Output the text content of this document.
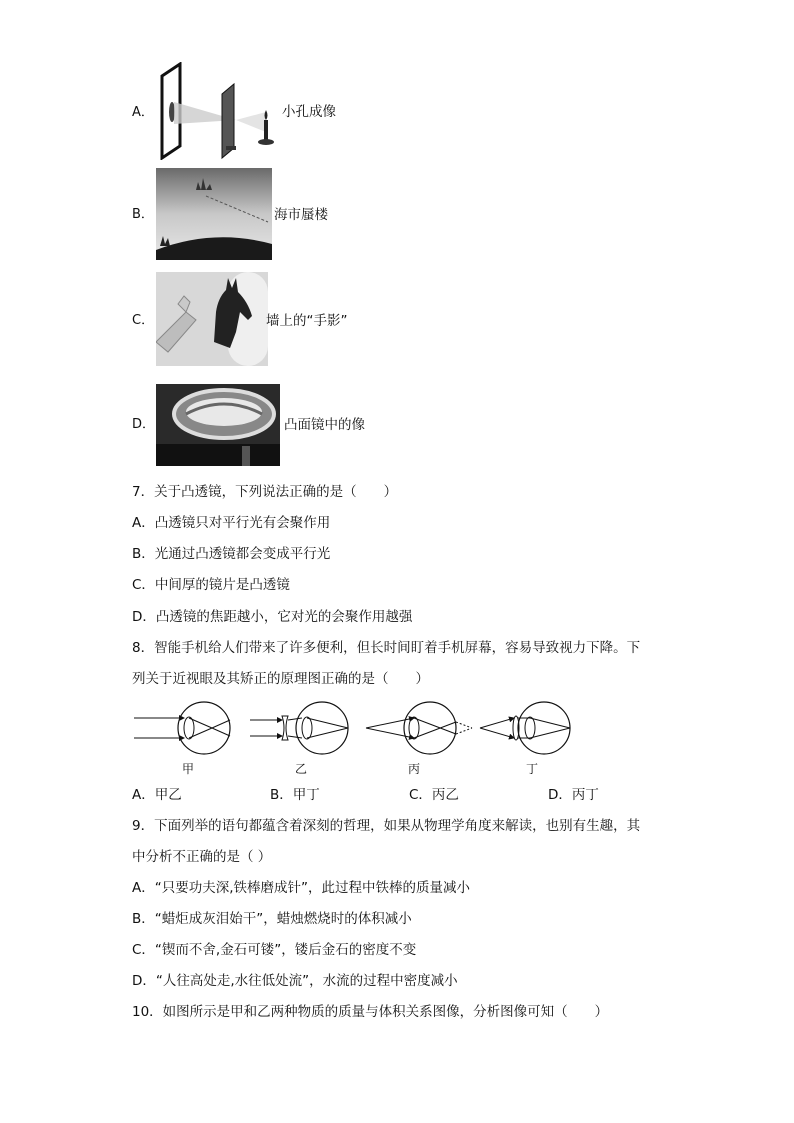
A．	小孔成像
B．	海市蜃楼
C．	墙上的“手影”
D．	凸面镜中的像
7．关于凸透镜，下列说法正确的是（　　）
A．凸透镜只对平行光有会聚作用
B．光通过凸透镜都会变成平行光
C．中间厚的镜片是凸透镜
D．凸透镜的焦距越小，它对光的会聚作用越强
8．智能手机给人们带来了许多便利，但长时间盯着手机屏幕，容易导致视力下降。下
列关于近视眼及其矫正的原理图正确的是（　　）
甲	乙	丙	丁
A．甲乙	B．甲丁	C．丙乙	D．丙丁
9．下面列举的语句都蕴含着深刻的哲理，如果从物理学角度来解读，也别有生趣，其
中分析不正确的是（ ）
A．“只要功夫深,铁棒磨成针”，此过程中铁棒的质量减小
B．“蜡炬成灰泪始干”，蜡烛燃烧时的体积减小
C．“锲而不舍,金石可镂”，镂后金石的密度不变
D．“人往高处走,水往低处流”，水流的过程中密度减小
10．如图所示是甲和乙两种物质的质量与体积关系图像，分析图像可知（　　）
